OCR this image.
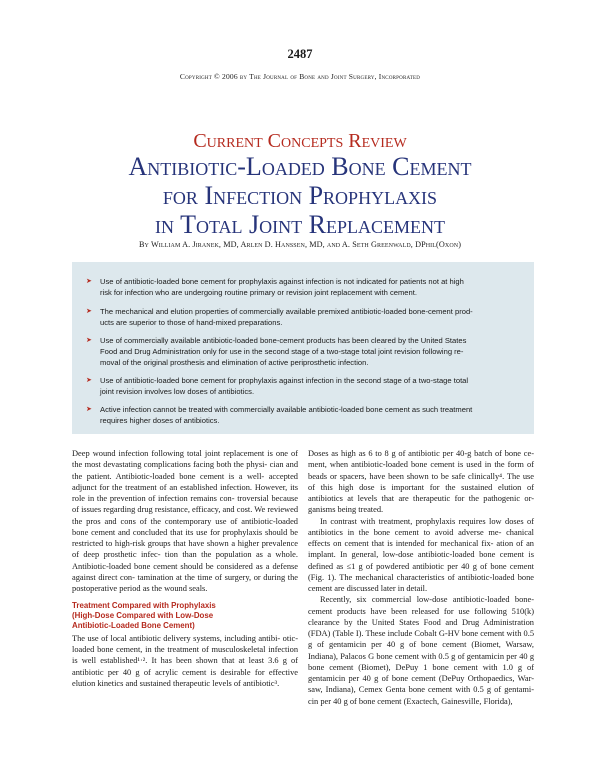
2487
Copyright © 2006 by The Journal of Bone and Joint Surgery, Incorporated
Current Concepts Review
Antibiotic-Loaded Bone Cement
for Infection Prophylaxis
in Total Joint Replacement
By William A. Jiranek, MD, Arlen D. Hanssen, MD, and A. Seth Greenwald, DPhil(Oxon)
➤	Use of antibiotic-loaded bone cement for prophylaxis against infection is not indicated for patients not at high
risk for infection who are undergoing routine primary or revision joint replacement with cement.
➤	The mechanical and elution properties of commercially available premixed antibiotic-loaded bone-cement prod-
ucts are superior to those of hand-mixed preparations.
➤	Use of commercially available antibiotic-loaded bone-cement products has been cleared by the United States
Food and Drug Administration only for use in the second stage of a two-stage total joint revision following re-
moval of the original prosthesis and elimination of active periprosthetic infection.
➤	Use of antibiotic-loaded bone cement for prophylaxis against infection in the second stage of a two-stage total
joint revision involves low doses of antibiotics.
➤	Active infection cannot be treated with commercially available antibiotic-loaded bone cement as such treatment
requires higher doses of antibiotics.

Deep wound infection following total joint replacement is one of the most devastating complications facing both the physi- cian and the patient. Antibiotic-loaded bone cement is a well- accepted adjunct for the treatment of an established infection. However, its role in the prevention of infection remains con- troversial because of issues regarding drug resistance, efficacy, and cost. We reviewed the pros and cons of the contemporary use of antibiotic-loaded bone cement and concluded that its use for prophylaxis should be restricted to high-risk groups that have shown a higher prevalence of deep prosthetic infec- tion than the population as a whole. Antibiotic-loaded bone cement should be considered as a defense against direct con- tamination at the time of surgery, or during the postoperative period as the wound seals.

Treatment Compared with Prophylaxis
(High-Dose Compared with Low-Dose
Antibiotic-Loaded Bone Cement)

The use of local antibiotic delivery systems, including antibi- otic-loaded bone cement, in the treatment of musculoskeletal infection is well established¹·². It has been shown that at least 3.6 g of antibiotic per 40 g of acrylic cement is desirable for effective elution kinetics and sustained therapeutic levels of antibiotic³.

Doses as high as 6 to 8 g of antibiotic per 40-g batch of bone ce- ment, when antibiotic-loaded bone cement is used in the form of beads or spacers, have been shown to be safe clinically⁴. The use of this high dose is important for the sustained elution of antibiotics at levels that are therapeutic for the pathogenic or- ganisms being treated.

In contrast with treatment, prophylaxis requires low doses of antibiotics in the bone cement to avoid adverse me- chanical effects on cement that is intended for mechanical fix- ation of an implant. In general, low-dose antibiotic-loaded bone cement is defined as ≤1 g of powdered antibiotic per 40 g of bone cement (Fig. 1). The mechanical characteristics of antibiotic-loaded bone cement are discussed later in detail.

Recently, six commercial low-dose antibiotic-loaded bone- cement products have been released for use following 510(k) clearance by the United States Food and Drug Administration (FDA) (Table I). These include Cobalt G-HV bone cement with 0.5 g of gentamicin per 40 g of bone cement (Biomet, Warsaw, Indiana), Palacos G bone cement with 0.5 g of gentamicin per 40 g bone cement (Biomet), DePuy 1 bone cement with 1.0 g of gentamicin per 40 g of bone cement (DePuy Orthopaedics, War- saw, Indiana), Cemex Genta bone cement with 0.5 g of gentami- cin per 40 g of bone cement (Exactech, Gainesville, Florida),
